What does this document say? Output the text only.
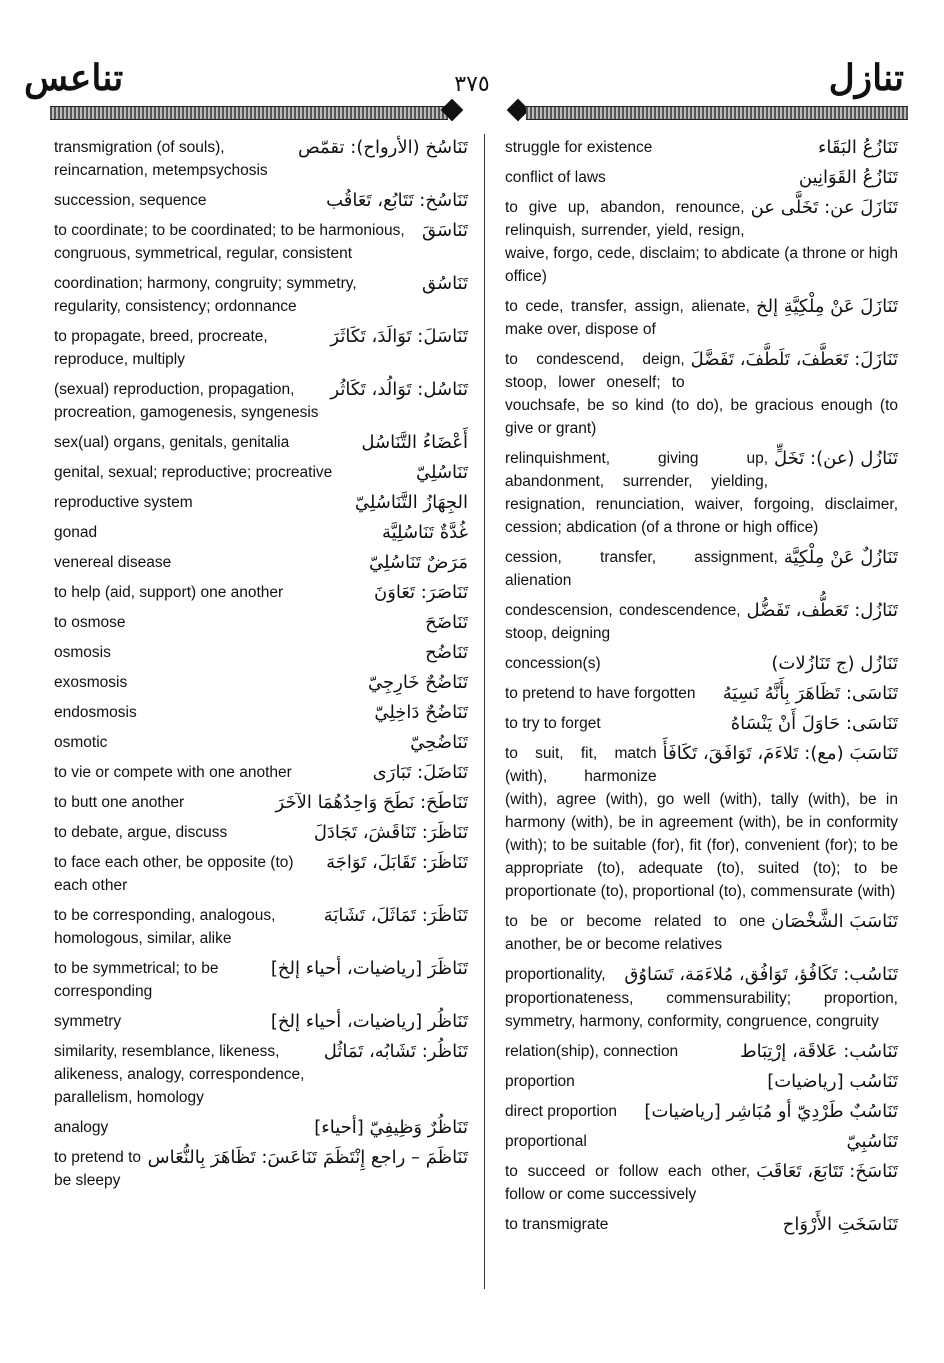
تناعس	٣٧٥	تنازل
تَنَاسُخ (الأرواح): تقمّص
transmigration (of souls), reincarnation, metempsychosis
تَنَاسُخ: تَتَابُع، تَعَاقُب
succession, sequence
تَنَاسَقَ
to coordinate; to be coordinated; to be harmonious, congruous, symmetrical, regular, consistent
تَنَاسُق
coordination; harmony, congruity; symmetry, regularity, consistency; ordonnance
تَنَاسَلَ: تَوَالَدَ، تَكَاثَرَ
to propagate, breed, procreate, reproduce, multiply
تَنَاسُل: تَوَالُد، تَكَاثُر
(sexual) reproduction, propagation, procreation, gamogenesis, syngenesis
أَعْضَاءُ التَّنَاسُل
sex(ual) organs, genitals, genitalia
تَنَاسُلِيّ
genital, sexual; reproductive; procreative
الجِهَازُ التَّنَاسُلِيّ
reproductive system
غُدَّةٌ تَنَاسُلِيَّة
gonad
مَرَضٌ تَنَاسُلِيّ
venereal disease
تَنَاصَرَ: تَعَاوَنَ
to help (aid, support) one another
تَنَاضَحَ
to osmose
تَنَاضُح
osmosis
تَنَاضُحٌ خَارِجِيّ
exosmosis
تَنَاضُحٌ دَاخِلِيّ
endosmosis
تَنَاضُحِيّ
osmotic
تَنَاضَلَ: تَبَارَى
to vie or compete with one another
تَنَاطَحَ: نَطَحَ وَاحِدُهُمَا الآخَرَ
to butt one another
تَنَاظَرَ: تَنَاقَشَ، تَجَادَلَ
to debate, argue, discuss
تَنَاظَرَ: تَقَابَلَ، تَوَاجَهَ
to face each other, be opposite (to) each other
تَنَاظَرَ: تَمَاثَلَ، تَشَابَهَ
to be corresponding, analogous, homologous, similar, alike
تَنَاظَرَ [رياضيات، أحياء إلخ]
to be symmetrical; to be corresponding
تَنَاظُر [رياضيات، أحياء إلخ]
symmetry
تَنَاظُر: تَشَابُه، تَمَاثُل
similarity, resemblance, likeness, alikeness, analogy, correspondence, parallelism, homology
تَنَاظُرٌ وَظِيفِيّ [أحياء]
analogy
تَنَاظَمَ – راجع إِنْتَظَمَ
تَنَاعَسَ: تَظَاهَرَ بِالنُّعَاس
to pretend to be sleepy
تَنَازُعُ البَقَاء
struggle for existence
تَنَازُعُ القَوَانِين
conflict of laws
تَنَازَلَ عن: تَخَلَّى عن
to give up, abandon, renounce, relinquish, surrender, yield, resign, waive, forgo, cede, disclaim; to abdicate (a throne or high office)
تَنَازَلَ عَنْ مِلْكِيَّةِ إلخ
to cede, transfer, assign, alienate, make over, dispose of
تَنَازَلَ: تَعَطَّفَ، تَلَطَّفَ، تَفَضَّلَ
to condescend, deign, stoop, lower oneself; to vouchsafe, be so kind (to do), be gracious enough (to give or grant)
تَنَازُل (عن): تَخَلٍّ
relinquishment, giving up, abandonment, surrender, yielding, resignation, renunciation, waiver, forgoing, disclaimer, cession; abdication (of a throne or high office)
تَنَازُلٌ عَنْ مِلْكِيَّة
cession, transfer, assignment, alienation
تَنَازُل: تَعَطُّف، تَفَضُّل
condescension, condescendence, stoop, deigning
تَنَازُل (ج تَنَازُلات)
concession(s)
تَنَاسَى: تَظَاهَرَ بِأَنَّهُ نَسِيَهُ
to pretend to have forgotten
تَنَاسَى: حَاوَلَ أَنْ يَنْسَاهُ
to try to forget
تَنَاسَبَ (مع): تَلاءَمَ، تَوَافَقَ، تَكَافَأَ
to suit, fit, match (with), harmonize (with), agree (with), go well (with), tally (with), be in harmony (with), be in agreement (with), be in conformity (with); to be suitable (for), fit (for), convenient (for); to be appropriate (to), adequate (to), suited (to); to be proportionate (to), proportional (to), commensurate (with)
تَنَاسَبَ الشَّخْصَان
to be or become related to one another, be or become relatives
تَنَاسُب: تَكَافُؤ، تَوَافُق، مُلاءَمَة، تَسَاوُق
proportionality, proportionateness, commensurability; proportion, symmetry, harmony, conformity, congruence, congruity
تَنَاسُب: عَلاقَة، إرْتِبَاط
relation(ship), connection
تَنَاسُب [رياضيات]
proportion
تَنَاسُبٌ طَرْدِيّ أو مُبَاشِر [رياضيات]
direct proportion
تَنَاسُبِيّ
proportional
تَنَاسَخَ: تَتَابَعَ، تَعَاقَبَ
to succeed or follow each other, follow or come successively
تَنَاسَخَتِ الأَرْوَاح
to transmigrate
